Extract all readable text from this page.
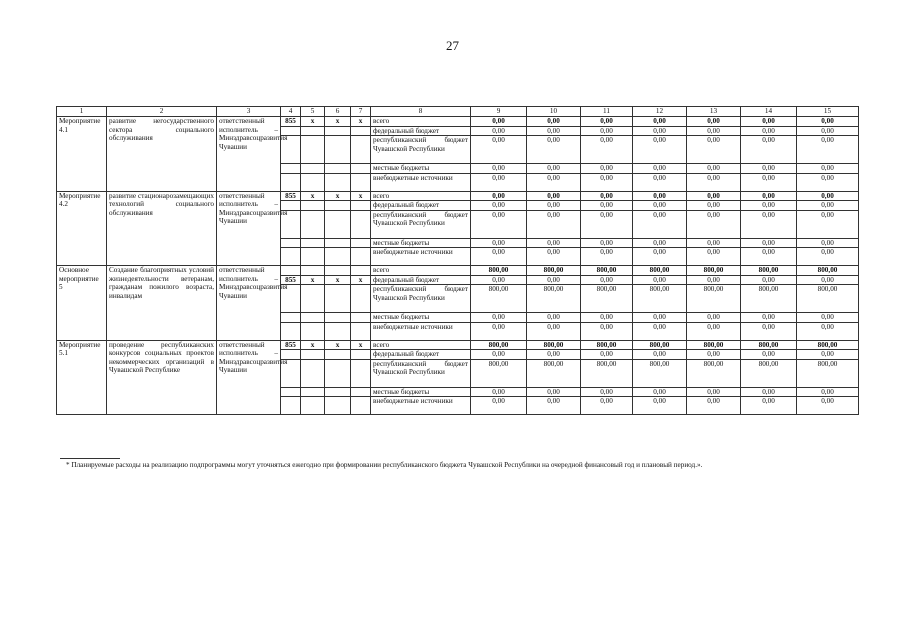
27
1	2	3	4	5	6	7	8	9	10	11	12	13	14	15
Мероприятие 4.1	развитие негосударственного сектора социального обслуживания	ответственный исполнитель – Минздравсоцразвития Чувашии	855	x	x	x	всего	0,00	0,00	0,00	0,00	0,00	0,00	0,00
							федеральный бюджет	0,00	0,00	0,00	0,00	0,00	0,00	0,00
							республиканский бюджет Чувашской Республики	0,00	0,00	0,00	0,00	0,00	0,00	0,00
							местные бюджеты	0,00	0,00	0,00	0,00	0,00	0,00	0,00
							внебюджетные источники	0,00	0,00	0,00	0,00	0,00	0,00	0,00
Мероприятие 4.2	развитие стационарозамещающих технологий социального обслуживания	ответственный исполнитель – Минздравсоцразвития Чувашии	855	x	x	x	всего	0,00	0,00	0,00	0,00	0,00	0,00	0,00
							федеральный бюджет	0,00	0,00	0,00	0,00	0,00	0,00	0,00
							республиканский бюджет Чувашской Республики	0,00	0,00	0,00	0,00	0,00	0,00	0,00
							местные бюджеты	0,00	0,00	0,00	0,00	0,00	0,00	0,00
							внебюджетные источники	0,00	0,00	0,00	0,00	0,00	0,00	0,00
Основное мероприятие 5	Создание благоприятных условий жизнедеятельности ветеранам, гражданам пожилого возраста, инвалидам	ответственный исполнитель – Минздравсоцразвития Чувашии					всего	800,00	800,00	800,00	800,00	800,00	800,00	800,00
			855	x	x	x	федеральный бюджет	0,00	0,00	0,00	0,00	0,00	0,00	0,00
							республиканский бюджет Чувашской Республики	800,00	800,00	800,00	800,00	800,00	800,00	800,00
							местные бюджеты	0,00	0,00	0,00	0,00	0,00	0,00	0,00
							внебюджетные источники	0,00	0,00	0,00	0,00	0,00	0,00	0,00
Мероприятие 5.1	проведение республиканских конкурсов социальных проектов некоммерческих организаций в Чувашской Республике	ответственный исполнитель – Минздравсоцразвития Чувашии	855	x	x	x	всего	800,00	800,00	800,00	800,00	800,00	800,00	800,00
							федеральный бюджет	0,00	0,00	0,00	0,00	0,00	0,00	0,00
							республиканский бюджет Чувашской Республики	800,00	800,00	800,00	800,00	800,00	800,00	800,00
							местные бюджеты	0,00	0,00	0,00	0,00	0,00	0,00	0,00
							внебюджетные источники	0,00	0,00	0,00	0,00	0,00	0,00	0,00
* Планируемые расходы на реализацию подпрограммы могут уточняться ежегодно при формировании республиканского бюджета Чувашской Республики на очередной финансовый год и плановый период.».
